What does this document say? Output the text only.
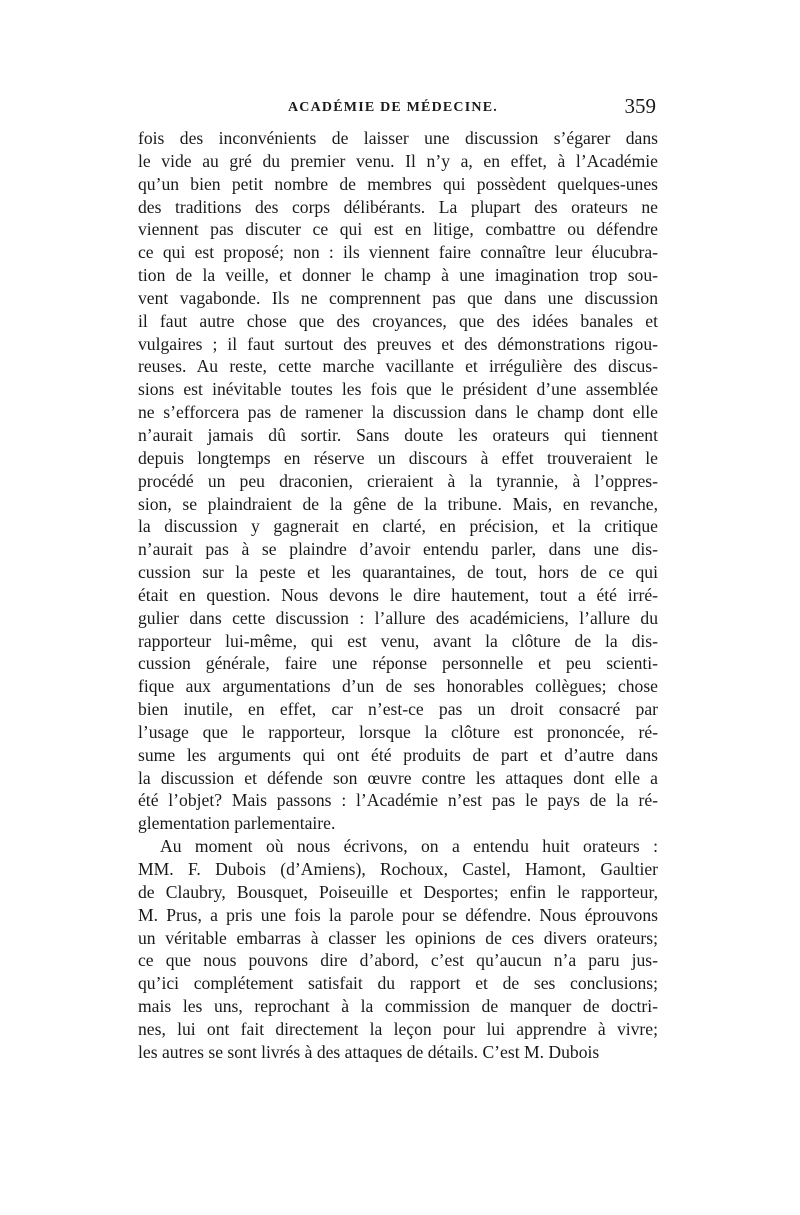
ACADÉMIE DE MÉDECINE.	359
fois des inconvénients de laisser une discussion s’égarer dans
le vide au gré du premier venu. Il n’y a, en effet, à l’Académie
qu’un bien petit nombre de membres qui possèdent quelques-unes
des traditions des corps délibérants. La plupart des orateurs ne
viennent pas discuter ce qui est en litige, combattre ou défendre
ce qui est proposé; non : ils viennent faire connaître leur élucubra-
tion de la veille, et donner le champ à une imagination trop sou-
vent vagabonde. Ils ne comprennent pas que dans une discussion
il faut autre chose que des croyances, que des idées banales et
vulgaires ; il faut surtout des preuves et des démonstrations rigou-
reuses. Au reste, cette marche vacillante et irrégulière des discus-
sions est inévitable toutes les fois que le président d’une assemblée
ne s’efforcera pas de ramener la discussion dans le champ dont elle
n’aurait jamais dû sortir. Sans doute les orateurs qui tiennent
depuis longtemps en réserve un discours à effet trouveraient le
procédé un peu draconien, crieraient à la tyrannie, à l’oppres-
sion, se plaindraient de la gêne de la tribune. Mais, en revanche,
la discussion y gagnerait en clarté, en précision, et la critique
n’aurait pas à se plaindre d’avoir entendu parler, dans une dis-
cussion sur la peste et les quarantaines, de tout, hors de ce qui
était en question. Nous devons le dire hautement, tout a été irré-
gulier dans cette discussion : l’allure des académiciens, l’allure du
rapporteur lui-même, qui est venu, avant la clôture de la dis-
cussion générale, faire une réponse personnelle et peu scienti-
fique aux argumentations d’un de ses honorables collègues; chose
bien inutile, en effet, car n’est-ce pas un droit consacré par
l’usage que le rapporteur, lorsque la clôture est prononcée, ré-
sume les arguments qui ont été produits de part et d’autre dans
la discussion et défende son œuvre contre les attaques dont elle a
été l’objet? Mais passons : l’Académie n’est pas le pays de la ré-
glementation parlementaire.
Au moment où nous écrivons, on a entendu huit orateurs :
MM. F. Dubois (d’Amiens), Rochoux, Castel, Hamont, Gaultier
de Claubry, Bousquet, Poiseuille et Desportes; enfin le rapporteur,
M. Prus, a pris une fois la parole pour se défendre. Nous éprouvons
un véritable embarras à classer les opinions de ces divers orateurs;
ce que nous pouvons dire d’abord, c’est qu’aucun n’a paru jus-
qu’ici complétement satisfait du rapport et de ses conclusions;
mais les uns, reprochant à la commission de manquer de doctri-
nes, lui ont fait directement la leçon pour lui apprendre à vivre;
les autres se sont livrés à des attaques de détails. C’est M. Dubois
